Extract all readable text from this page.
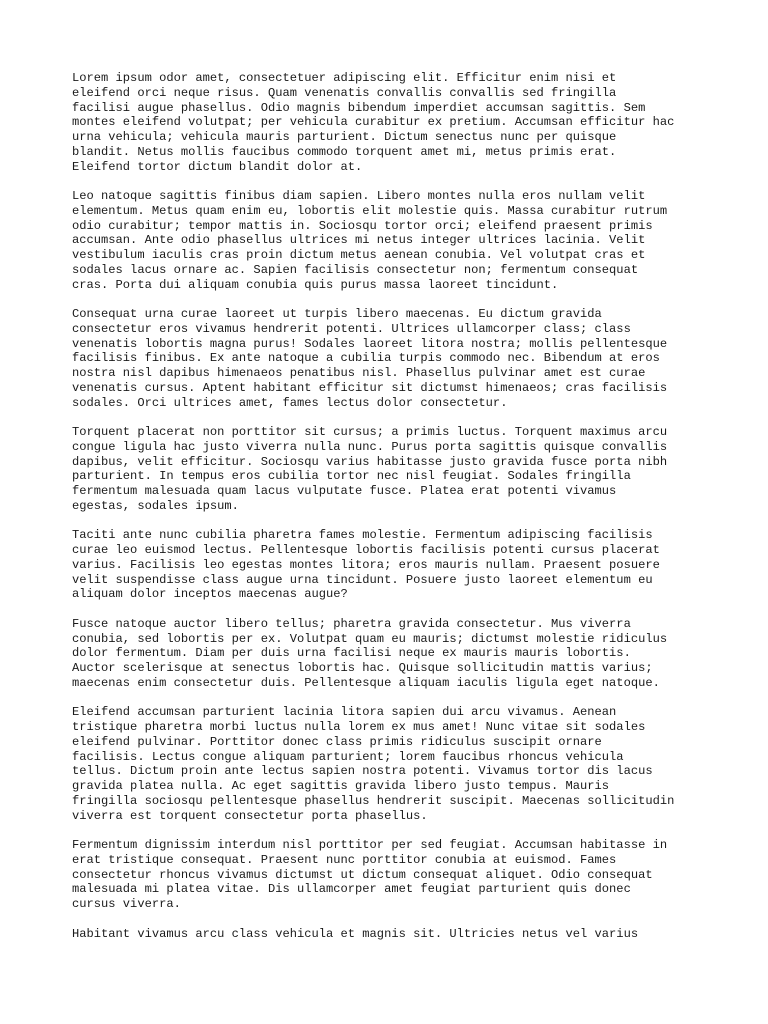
Lorem ipsum odor amet, consectetuer adipiscing elit. Efficitur enim nisi et
eleifend orci neque risus. Quam venenatis convallis convallis sed fringilla
facilisi augue phasellus. Odio magnis bibendum imperdiet accumsan sagittis. Sem
montes eleifend volutpat; per vehicula curabitur ex pretium. Accumsan efficitur hac
urna vehicula; vehicula mauris parturient. Dictum senectus nunc per quisque
blandit. Netus mollis faucibus commodo torquent amet mi, metus primis erat.
Eleifend tortor dictum blandit dolor at.

Leo natoque sagittis finibus diam sapien. Libero montes nulla eros nullam velit
elementum. Metus quam enim eu, lobortis elit molestie quis. Massa curabitur rutrum
odio curabitur; tempor mattis in. Sociosqu tortor orci; eleifend praesent primis
accumsan. Ante odio phasellus ultrices mi netus integer ultrices lacinia. Velit
vestibulum iaculis cras proin dictum metus aenean conubia. Vel volutpat cras et
sodales lacus ornare ac. Sapien facilisis consectetur non; fermentum consequat
cras. Porta dui aliquam conubia quis purus massa laoreet tincidunt.

Consequat urna curae laoreet ut turpis libero maecenas. Eu dictum gravida
consectetur eros vivamus hendrerit potenti. Ultrices ullamcorper class; class
venenatis lobortis magna purus! Sodales laoreet litora nostra; mollis pellentesque
facilisis finibus. Ex ante natoque a cubilia turpis commodo nec. Bibendum at eros
nostra nisl dapibus himenaeos penatibus nisl. Phasellus pulvinar amet est curae
venenatis cursus. Aptent habitant efficitur sit dictumst himenaeos; cras facilisis
sodales. Orci ultrices amet, fames lectus dolor consectetur.

Torquent placerat non porttitor sit cursus; a primis luctus. Torquent maximus arcu
congue ligula hac justo viverra nulla nunc. Purus porta sagittis quisque convallis
dapibus, velit efficitur. Sociosqu varius habitasse justo gravida fusce porta nibh
parturient. In tempus eros cubilia tortor nec nisl feugiat. Sodales fringilla
fermentum malesuada quam lacus vulputate fusce. Platea erat potenti vivamus
egestas, sodales ipsum.

Taciti ante nunc cubilia pharetra fames molestie. Fermentum adipiscing facilisis
curae leo euismod lectus. Pellentesque lobortis facilisis potenti cursus placerat
varius. Facilisis leo egestas montes litora; eros mauris nullam. Praesent posuere
velit suspendisse class augue urna tincidunt. Posuere justo laoreet elementum eu
aliquam dolor inceptos maecenas augue?

Fusce natoque auctor libero tellus; pharetra gravida consectetur. Mus viverra
conubia, sed lobortis per ex. Volutpat quam eu mauris; dictumst molestie ridiculus
dolor fermentum. Diam per duis urna facilisi neque ex mauris mauris lobortis.
Auctor scelerisque at senectus lobortis hac. Quisque sollicitudin mattis varius;
maecenas enim consectetur duis. Pellentesque aliquam iaculis ligula eget natoque.

Eleifend accumsan parturient lacinia litora sapien dui arcu vivamus. Aenean
tristique pharetra morbi luctus nulla lorem ex mus amet! Nunc vitae sit sodales
eleifend pulvinar. Porttitor donec class primis ridiculus suscipit ornare
facilisis. Lectus congue aliquam parturient; lorem faucibus rhoncus vehicula
tellus. Dictum proin ante lectus sapien nostra potenti. Vivamus tortor dis lacus
gravida platea nulla. Ac eget sagittis gravida libero justo tempus. Mauris
fringilla sociosqu pellentesque phasellus hendrerit suscipit. Maecenas sollicitudin
viverra est torquent consectetur porta phasellus.

Fermentum dignissim interdum nisl porttitor per sed feugiat. Accumsan habitasse in
erat tristique consequat. Praesent nunc porttitor conubia at euismod. Fames
consectetur rhoncus vivamus dictumst ut dictum consequat aliquet. Odio consequat
malesuada mi platea vitae. Dis ullamcorper amet feugiat parturient quis donec
cursus viverra.

Habitant vivamus arcu class vehicula et magnis sit. Ultricies netus vel varius
